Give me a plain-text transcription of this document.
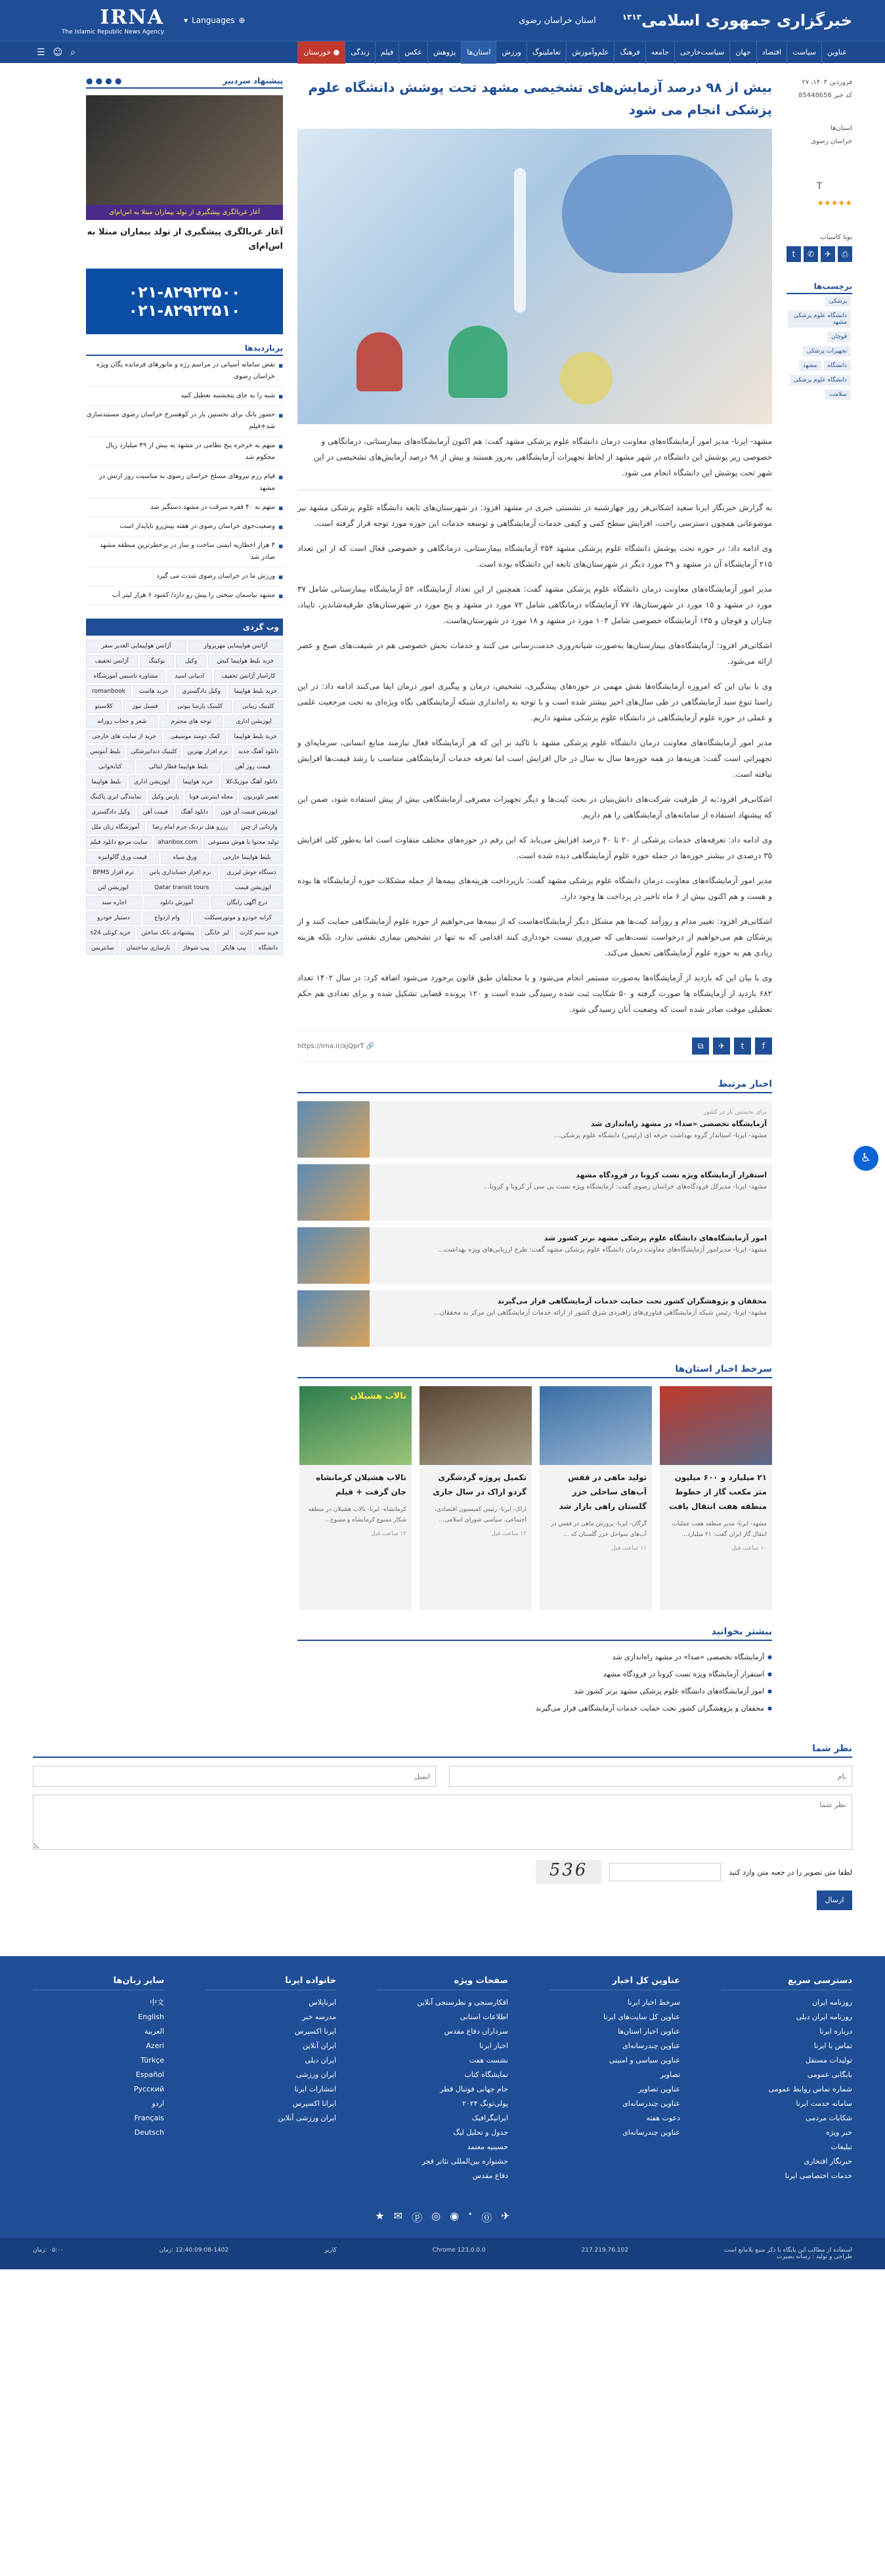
خبرگزاری جمهوری اسلامی$^{۱۳۱۳}$
استان خراسان رضوی
⊕
Languages
▾
IRNA
The Islamic Republic News Agency
عناوین
سیاست
اقتصاد
جهان
سیاست‌خارجی
جامعه
فرهنگ
علم‌وآموزش
تعاملینوگ
ورزش
استان‌ها
پژوهش
عکس
فیلم
زندگی
● خوزستان
⌕
☺
☰
فروردین ۱۴۰۳، ۲۷
کد خبر 85448656
استان‌ها
خراسان رضوی
T
★★★★★
نوتا کاسیاب
⎙
✈
✆
t
برچسب‌ها
پزشکیدانشگاه علوم پزشکی مشهدقوچانتجهیزات پزشکیدانشگاهمشهددانشگاه علوم پزشکیسلامت
بیش از ۹۸ درصد آزمایش‌های تشخیصی مشهد تحت پوشش دانشگاه علوم پزشکی انجام می شود
مشهد- ایرنا- مدیر امور آزمایشگاه‌های معاونت درمان دانشگاه علوم پزشکی مشهد گفت: هم اکنون آزمایشگاه‌های بیمارستانی، درمانگاهی و خصوصی زیر پوشش این دانشگاه در شهر مشهد از لحاظ تجهیزات آزمایشگاهی به‌روز هستند و بیش از ۹۸ درصد آزمایش‌های تشخیصی در این شهر تحت پوشش این دانشگاه انجام می‌ شود.

به گزارش خبرنگار ایرنا سعید اشکانی‌فر روز چهارشنبه در نشستی خبری در مشهد افزود: در شهرستان‌های تابعه دانشگاه علوم پزشکی مشهد نیز موضوعاتی همچون دسترسی راحت، افزایش سطح کمی و کیفی خدمات آزمایشگاهی و توسعه خدمات این حوزه مورد توجه قرار گرفته است.

وی ادامه داد: در حوزه تحت پوشش دانشگاه علوم پزشکی مشهد ۲۵۴ آزمایشگاه بیمارستانی، درمانگاهی و خصوصی فعال است که از این تعداد ۲۱۵ آزمایشگاه آن در مشهد و ۳۹ مورد دیگر در شهرستان‌های تابعه این دانشگاه بوده است.

مدیر امور آزمایشگاه‌های معاونت درمان دانشگاه علوم پزشکی مشهد گفت: همچنین از این تعداد آزمایشگاه، ۵۳ آزمایشگاه بیمارستانی شامل ۳۷ مورد در مشهد و ۱۵ مورد در شهرستان‌ها، ۷۷ آزمایشگاه درمانگاهی شامل ۷۲ مورد در مشهد و پنج مورد در شهرستان‌های طرقبه‌شاندیز، تایباد، چناران و قوچان و ۱۳۵ آزمایشگاه خصوصی شامل ۱۰۴ مورد در مشهد و ۱۸ مورد در شهرستان‌هاست.

اشکانی‌فر افزود: آزمایشگاه‌های بیمارستان‌ها به‌صورت شبانه‌روزی خدمت‌رسانی می کنند و خدمات بخش خصوصی هم در شیفت‌های صبح و عصر ارائه می‌شود.

وی با بیان این که امروزه آزمایشگاه‌ها نقش مهمی در حوزه‌های پیشگیری، تشخیص، درمان و پیگیری امور درمان ایفا می‌کنند ادامه داد: در این راستا تنوع سبد آزمایشگاهی در طی سال‌های اخیر بیشتر شده است و با توجه به راه‌اندازی شبکه آزمایشگاهی نگاه ویژه‌ای به تحت مرجعیت علمی و عملی در حوزه علوم آزمایشگاهی در دانشگاه علوم پزشکی مشهد داریم.

مدیر امور آزمایشگاه‌های معاونت درمان دانشگاه علوم پزشکی مشهد با تاکید بر این که هر آزمایشگاه فعال نیازمند منابع انسانی، سرمایه‌ای و تجهیزاتی است گفت: هزینه‌ها در همه حوزه‌ها سال به سال در حال افزایش است اما تعرفه خدمات آزمایشگاهی متناسب با رشد قیمت‌ها افزایش نیافته است.

اشکانی‌فر افزود‌:به از ظرفیت شرکت‌های دانش‌بنیان در بحث کیت‌ها و دیگر تجهیزات مصرفی آزمایشگاهی بیش از پیش استفاده شود، ضمن این که پیشنهاد استفاده از سامانه‌های آزمایشگاهی را هم داریم.

وی ادامه داد: تعرفه‌های خدمات پزشکی از ۲۰ تا ۴۰ درصد افزایش می‌یابد که این رقم در حوزه‌های مختلف متفاوت است اما به‌طور کلی افزایش ۳۵ درصدی در بیشتر حوزه‌ها در جمله حوزه علوم آزمایشگاهی دیده شده است.

مدیر امور آزمایشگاه‌های معاونت درمان دانشگاه علوم پزشکی مشهد گفت: بازپرداخت هزینه‌های بیمه‌ها از جمله مشکلات حوزه آزمایشگاه ها بوده و هست و هم اکنون بیش از ۶ ماه تاخیر در پرداخت ها وجود دارد.

اشکانی‌فر افزود: تغییر مدام و روزآمد کیت‌ها هم مشکل دیگر آزمایشگاه‌هاست که از بیمه‌ها می‌خواهیم از حوزه علوم آزمایشگاهی حمایت کنند و از پزشکان هم می‌خواهیم از درخواست تست‌هایی که ضروری نیست خودداری کنند اقدامی که نه تنها در تشخیص بیماری نقشی ندارد، بلکه هزینه زیادی هم به حوزه علوم آزمایشگاهی تحمیل می‌کند.

وی با بیان این که بازدید از آزمایشگاه‌ها به‌صورت مستمر انجام می‌شود و با مختلفان طبق قانون برخورد می‌شود اضافه کرد: در سال ۱۴۰۲ تعداد ۶۸۲ بازدید از آزمایشگاه ها صورت گرفته و ۵۰ شکایت ثبت شده رسیدگی شده است و ۱۲۰ پرونده قضایی تشکیل شده و برای تعدادی هم حکم تعطیلی موقت صادر شده است که وضعیت آنان رسیدگی شود.

f
t
✈
⧉
🔗 https://irna.ir/xjQprT
اخبار مرتبط
برای نخستین بار در کشور
آزمایشگاه تخصصی «صدا» در مشهد راه‌اندازی شد
مشهد- ایرنا- استاندار گروه بهداشت حرفه ای (رئیس) دانشگاه علوم پزشکی...
استقرار آزمایشگاه ویژه تست کرونا در فرودگاه مشهد
مشهد- ایرنا- مدیرکل فرودگاه‌های خراسان رضوی گفت: آزمایشگاه ویژه تست پی سی آر کرونا و کرونا...
امور آزمایشگاه‌های دانشگاه علوم پزشکی مشهد برتر کشور شد
مشهد- ایرنا- مدیرامور آزمایشگاه‌های معاونت درمان دانشگاه علوم پزشکی مشهد گفت: طرح ارزیابی‌های ویژه بهداشت...
محققان و پژوهشگران کشور تحت حمایت خدمات آزمایشگاهی قرار می‌گیرند
مشهد- ایرنا- رئیس شبکه آزمایشگاهی فناوری‌های راهبردی شرق کشور از ارائه خدمات آزمایشگاهی این مرکز به محققان...
سرخط اخبار استان‌ها
۲۱ میلیارد و ۶۰۰ میلیون متر مکعب گاز از خطوط منطقه هفت انتقال یافت
مشهد- ایرنا- مدیر منطقه هفت عملیات انتقال گاز ایران گفت: ۲۱ میلیارد...
۱۰ ساعت قبل
تولید ماهی در قفس آب‌های ساحلی خزر گلستان راهی بازار شد
گرگان- ایرنا- پرورش ماهی در قفس در آب‌های سواحل خزر گلستان که ...
۱۱ ساعت قبل
تکمیل پروژه گردشگری گردو اراک در سال جاری
اراک- ایرنا- رئیس کمیسیون اقتصادی، اجتماعی، سیاسی شورای اسلامی...
۱۲ ساعت قبل
تالاب هشیلان
تالاب هشیلان کرمانشاه جان گرفت + فیلم
کرمانشاه- ایرنا- تالاب هشیلان در منطقه شکار ممنوع کرمانشاه و ممنوع...
۱۲ ساعت قبل
بیشتر بخوانید
● آزمایشگاه تخصصی «صدا» در مشهد راه‌اندازی شد
● استقرار آزمایشگاه ویژه تست کرونا در فرودگاه مشهد
● امور آزمایشگاه‌های دانشگاه علوم پزشکی مشهد برتر کشور شد
● محققان و پژوهشگران کشور تحت حمایت خدمات آزمایشگاهی قرار می‌گیرند
پیشنهاد سردبیر
● ● ● ●
آغاز غربالگری پیشگیری از تولد بیماران مبتلا به اس‌ام‌ای
آغاز غربالگری پیشگیری از تولد بیماران مبتلا به اس‌ام‌ای
۰۲۱-۸۲۹۲۳۵۰۰
۰۲۱-۸۲۹۲۳۵۱۰
پربازدیدها
■ نقض سامانه آسیاتی در مراسم رژه و مانورهای فرمانده یگان ویژه خراسان رضوی
■ شبه را به جای پنجشنبه تعطیل کنید
■ حضور بانک برای نخستین بار در کوهسرخ خراسان رضوی مستندسازی شد+فیلم
■ متهم به خرخره پنج نظامی در مشهد به بیش از ۴۹ میلیارد ریال محکوم شد
■ قیام رزم نیروهای مسلح خراسان رضوی به مناسبت روز ارتش در مشهد
■ متهم به ۴۰ فقره سرقت در مشهد دستگیر شد
■ وضعیت‌جوی خراسان رضوی در هفته پیش‌رو ناپایدار است
■ ۴ هزار اخطاریه ایمنی ساخت و ساز در پرخطرترین منطقه مشهد صادر شد
■ ورزش ما در خراسان رضوی شدت می گیرد
■ مشهد نیاسمان سخنی را پیش رو دارد/ کمبود ۶ هزار لیتر آب
وب گردی
آژانس هواپیمایی مهرپرواز
آژانس هواپیمایی الغدیر سفر
خرید بلیط هواپیما کیش
وکیل
بوکینگ
آژانس تخفیف
کاراسار آژانس تخفیف
ادبیاتی اسید
مشاوره تاسیس آموزشگاه
خرید بلیط هواپیما
وکیل دادگستری
خرید هاست
romanbook
کلینیک زیبایی
کلینیک پارسا بیوتی
فسیل نیوز
کلاسیتو
اپوزیشن اداری
توجه های محترم
شعر و حجاب روزانه
خرید بلیط هواپیما
کمک دومند موسیقی
خرید از سایت های خارجی
دانلود آهنگ جدید
نرم افزار بهترین
کلینیک دندانپزشکی
بلیط آنتونس
قیمت روز آهن
بلیط هواپیما قطار ایتالی
کتابخوانی
دانلود آهنگ موزیک‌کلا
خرید هواپیما
اپوزیشن اداری
بلیط هواپیما
تعمیر تلویزیون
مجله اینترنتی فوتا
پارس وکیل
نمایندگی ایزی پاکینگ
اپوزیشن قیمت آی فون
دانلود آهنگ
قیمت آهن
وکیل دادگستری
وارداتی از چین
رزرو هتل نزدیک حرم امام رضا
آموزشگاه زبان ملل
توليد محتوا با هوش مصنوعی
ahanbox.com
سایت مرجع دانلود فیلم
بلیط هواپیما خارجی
ورق سیاه
قیمت ورق گالوانیزه
دستگاه جوش لیزری
نرم افزار حسابداری پاس
نرم افزار BPMS
اپوزیشن قیمت
Qatar transit tours
اپوزیشن لتن
درج آگهی رایگان
آموزش دانلود
اجاره سند
کرایه خودرو و موتورسیکلت
وام ازدواج
دستیار خودرو
خرید سیم‌ کارت
لیز خانگی
پیشنهادی بانک ساختن
خرید کوتلی s24
دانشگاه
پیپ هایکر
پیپ شوفاژ
بازسازی ساختمان
سانتریس
نظر شما
نام
ایمیل
نظر شما
لطفا متن تصویر را در جعبه متن وارد کنید
536
ارسال
دسترسی سریع
روزنامه ایران
روزنامه ایران دیلی
درباره ایرنا
تماس با ایرنا
تولیدات مستقل
بایگانی عمومی
شماره تماس روابط عمومی
سامانه خدمت ایرنا
شکایات مردمی
خبر ویژه
تبلیغات
خبرنگار افتخاری
خدمات اختصاصی ایرنا
عناوین کل اخبار
سرخط اخبار ایرنا
عناوین کل سایت‌های ایرنا
عناوین اخبار استان‌ها
عناوین چندرسانه‌ای
عناوین سیاسی و امنیتی
تصاویر
عناوین تصاویر
عناوین چندرسانه‌ای
دعوت هفته
عناوین چندرسانه‌ای
صفحات ویژه
افکارسنجی و نظرسنجی آنلاین
اطلاعات استانی
سرداران دفاع مقدس
اخبار ایرنا
نشست هفت
نمایشگاه کتاب
جام جهانی فوتبال قطر
پولی‌تونگ ۲۰۲۴
ایرانیگرافیک
جدول و تحلیل لیگ
حسینیه معتمد
جشنواره بین‌المللی تئاتر فجر
دفاع مقدس
خانواده ایرنا
ایرناپلاس
مدرسه خبر
ایرنا اکسپرس
ایران آنلاین
ایران دیلی
ایران ورزشی
انتشارات ایرنا
ایرانا اکسپرس
ایران ورزشی آنلاین
سایر زبان‌ها
中文
English
العربية
Azeri
Türkçe
Español
Pусский
اردو
Français
Deutsch
✈
⓪
ᐩ
◉
◎
ⓟ
✉
★
استفاده از مطالب این پایگاه با ذکر منبع بلامانع است
طراحی و تولید : رسانه بصیرت
217.219.76.102
Chrome 123.0.0.0
کاربر
12:40:09:08-1402 :زمان
۰۵:۰۰ :زمان
♿
